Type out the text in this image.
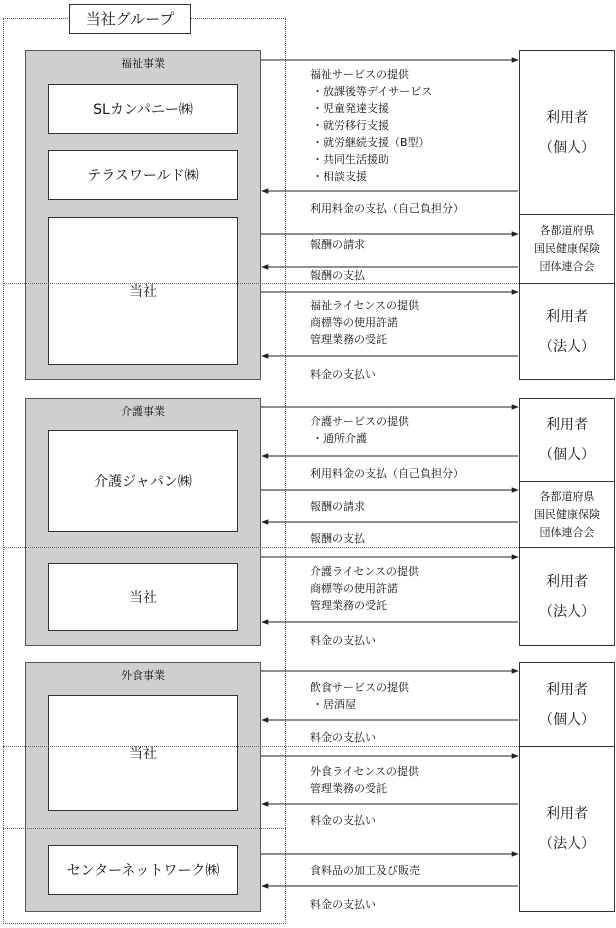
当社グループ
福祉事業
SLカンパニー㈱
テラスワールド㈱
当社
介護事業
介護ジャパン㈱
当社
外食事業
当社
センターネットワーク㈱
利用者
（個人）
各都道府県
国民健康保険
団体連合会
利用者
（法人）
利用者
（個人）
各都道府県
国民健康保険
団体連合会
利用者
（法人）
利用者
（個人）
利用者
（法人）
福祉サービスの提供
・放課後等デイサービス
・児童発達支援
・就労移行支援
・就労継続支援（B型）
・共同生活援助
・相談支援
利用料金の支払（自己負担分）
報酬の請求
報酬の支払
福祉ライセンスの提供
商標等の使用許諾
管理業務の受託
料金の支払い
介護サービスの提供
・通所介護
利用料金の支払（自己負担分）
報酬の請求
報酬の支払
介護ライセンスの提供
商標等の使用許諾
管理業務の受託
料金の支払い
飲食サービスの提供
・居酒屋
料金の支払い
外食ライセンスの提供
管理業務の受託
料金の支払い
食料品の加工及び販売
料金の支払い
